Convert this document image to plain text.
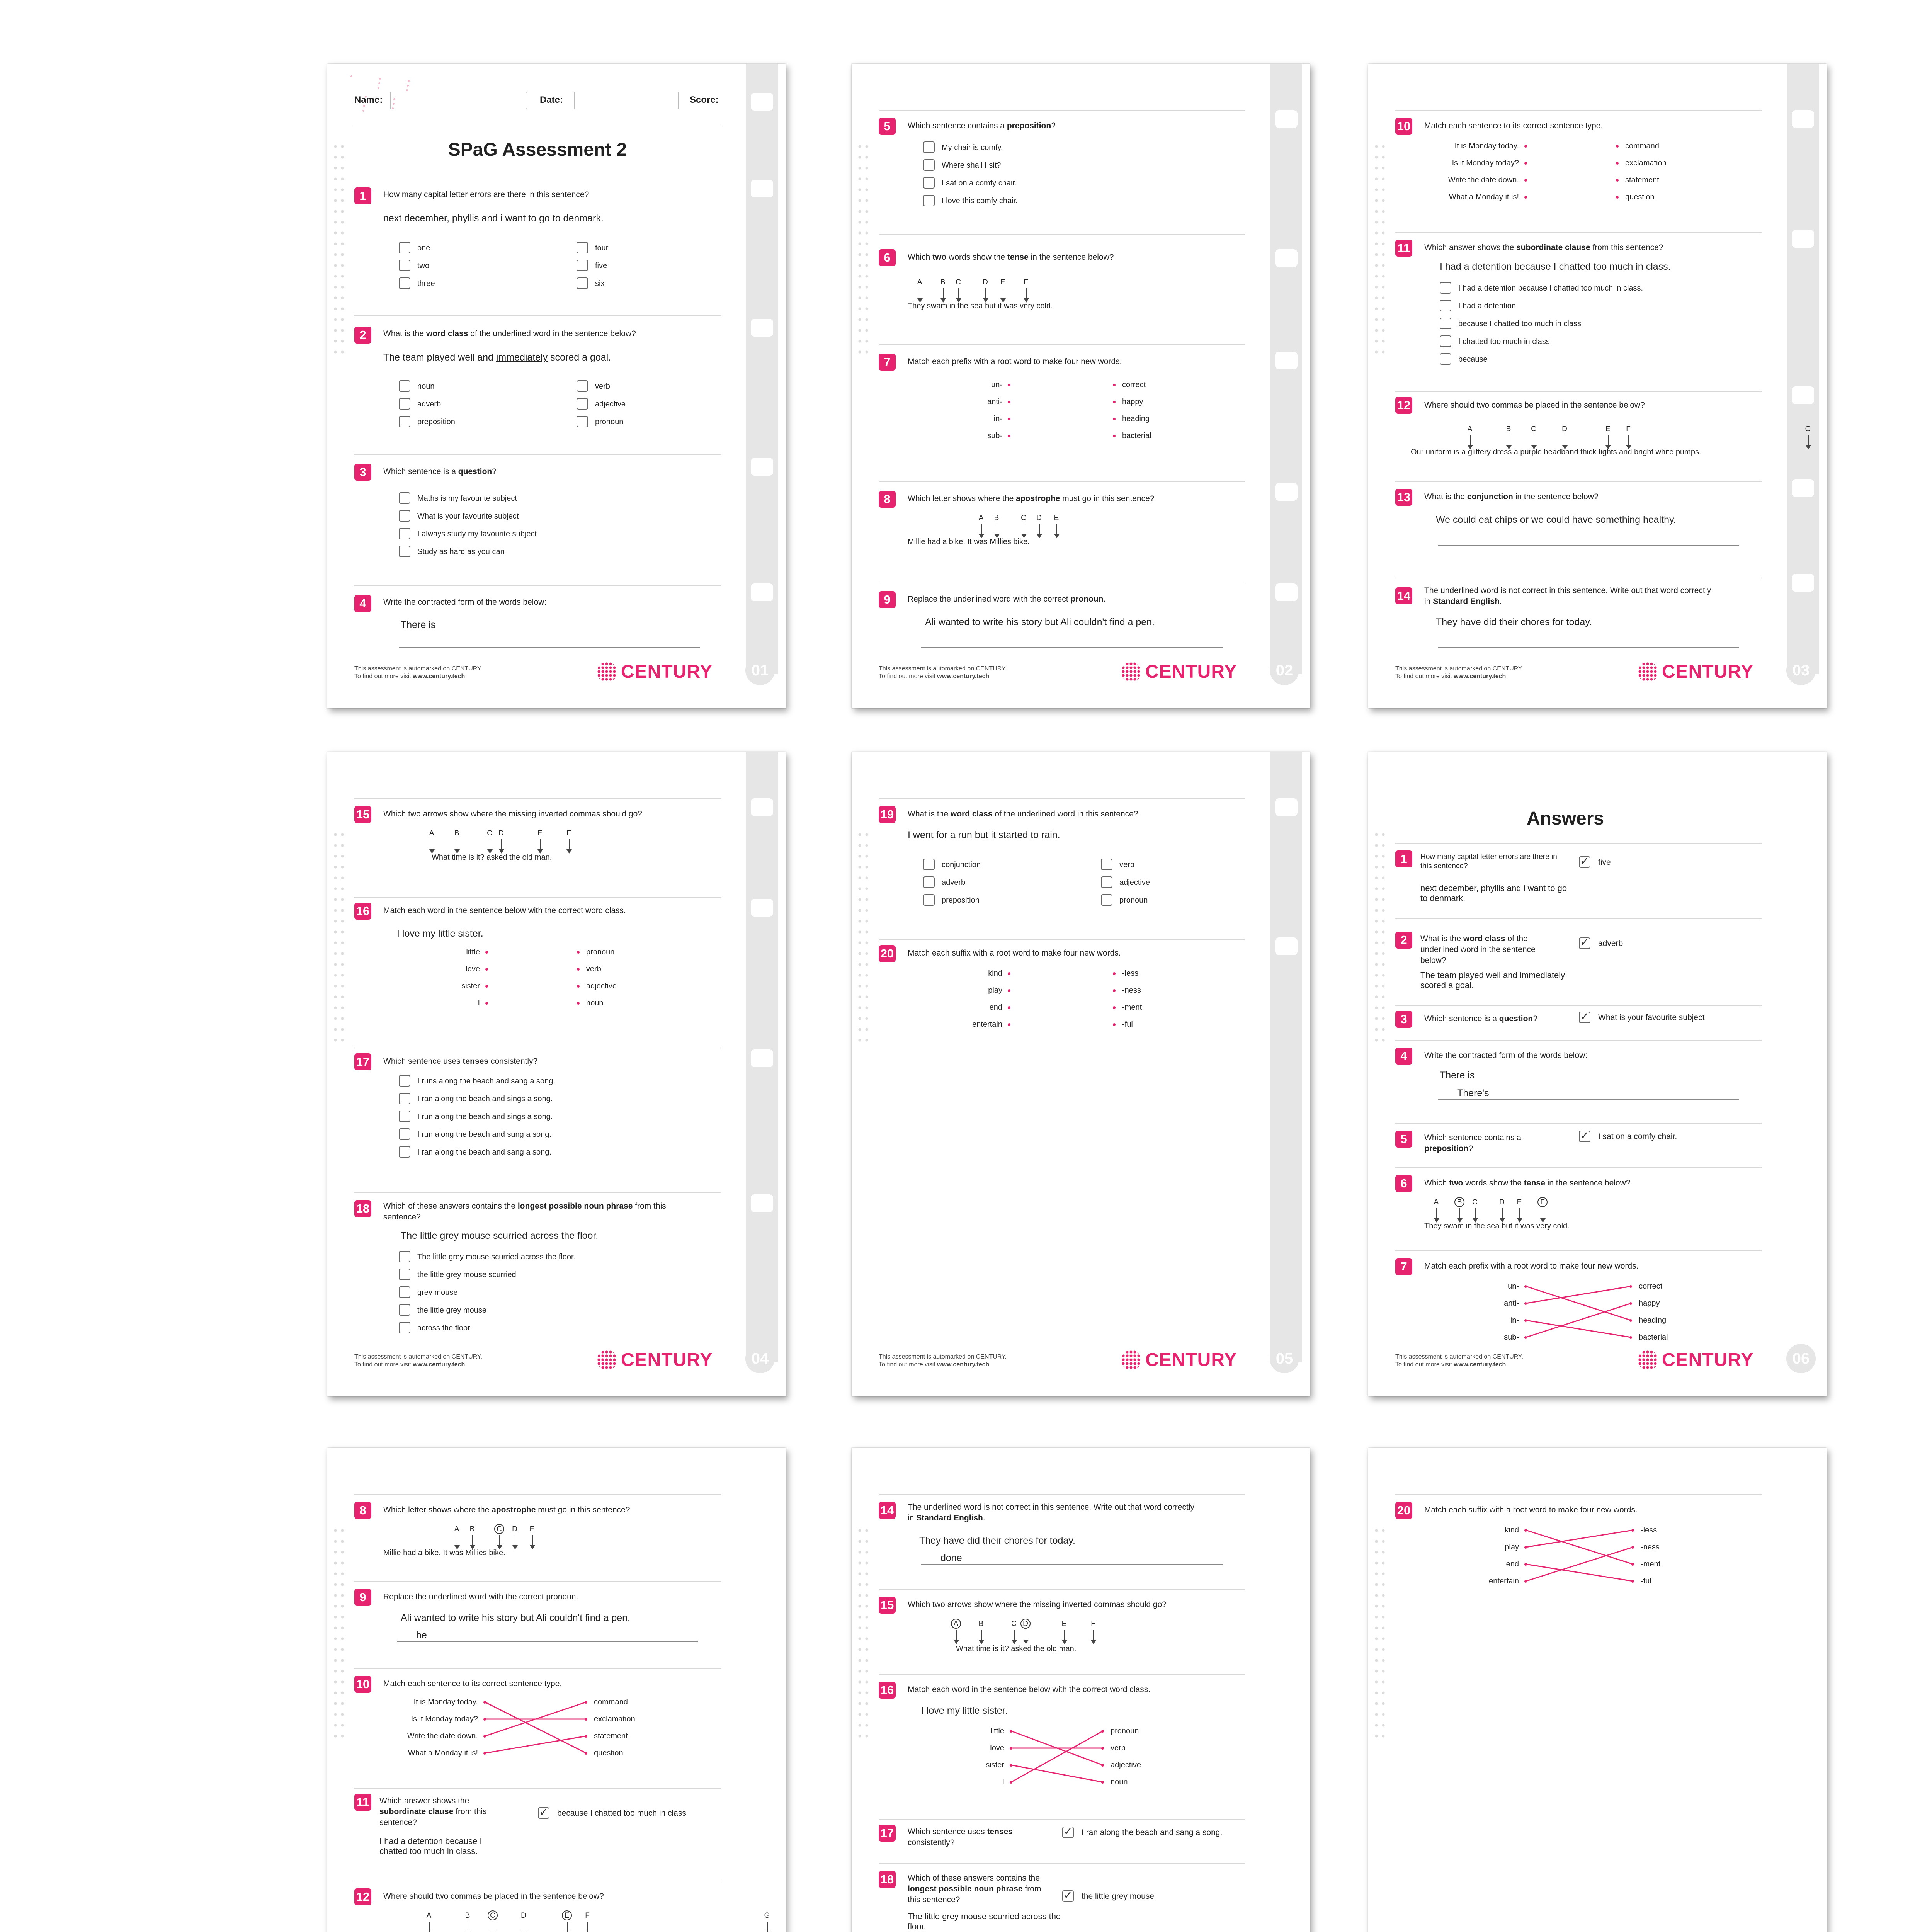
This assessment is automarked on CENTURY.
To find out more visit www.century.tech	CENTURY	01
Name:	Date:	Score:
SPaG Assessment 2
1	How many capital letter errors are there in this sentence?
next december, phyllis and i want to go to denmark.
one
two
three
four
five
six
2	What is the word class of the underlined word in the sentence below?
The team played well and immediately scored a goal.
noun
adverb
preposition
verb
adjective
pronoun
3	Which sentence is a question?
Maths is my favourite subject
What is your favourite subject
I always study my favourite subject
Study as hard as you can
4	Write the contracted form of the words below:
There is
This assessment is automarked on CENTURY.
To find out more visit www.century.tech	CENTURY	02
5	Which sentence contains a preposition?
My chair is comfy.
Where shall I sit?
I sat on a comfy chair.
I love this comfy chair.
6	Which two words show the tense in the sentence below?
A B C	D E	F
They swam in the sea but it was very cold.
7	Match each prefix with a root word to make four new words.
un-	correct
anti-	happy
in-	heading
sub-	bacterial
8	Which letter shows where the apostrophe must go in this sentence?
A B	C D E
Millie had a bike. It was Millies bike.
9	Replace the underlined word with the correct pronoun.
Ali wanted to write his story but Ali couldn't find a pen.
This assessment is automarked on CENTURY.
To find out more visit www.century.tech	CENTURY	03
10 Match each sentence to its correct sentence type.
It is Monday today.	command
Is it Monday today?	exclamation
Write the date down.	statement
What a Monday it is!	question
11 Which answer shows the subordinate clause from this sentence?
I had a detention because I chatted too much in class.
I had a detention because I chatted too much in class.
I had a detention
because I chatted too much in class
I chatted too much in class
because
12 Where should two commas be placed in the sentence below?
A	B	C	D	E	F	G
Our uniform is a glittery dress a purple headband thick tights and bright white pumps.
13 What is the conjunction in the sentence below?
We could eat chips or we could have something healthy.
14 The underlined word is not correct in this sentence. Write out that word correctly in Standard English.
They have did their chores for today.
This assessment is automarked on CENTURY.
To find out more visit www.century.tech	CENTURY	04
15 Which two arrows show where the missing inverted commas should go?
A	B	C D	E	F
What time is it? asked the old man.
16 Match each word in the sentence below with the correct word class.
I love my little sister.
little	pronoun
love	verb
sister	adjective
I	noun
17 Which sentence uses tenses consistently?
I runs along the beach and sang a song.
I ran along the beach and sings a song.
I run along the beach and sings a song.
I run along the beach and sung a song.
I ran along the beach and sang a song.
18 Which of these answers contains the longest possible noun phrase from this sentence?
The little grey mouse scurried across the floor.
The little grey mouse scurried across the floor.
the little grey mouse scurried
grey mouse
the little grey mouse
across the floor
This assessment is automarked on CENTURY.
To find out more visit www.century.tech	CENTURY	05
19 What is the word class of the underlined word in this sentence?
I went for a run but it started to rain.
conjunction
adverb
preposition
verb
adjective
pronoun
20 Match each suffix with a root word to make four new words.
kind	-less
play	-ness
end	-ment
entertain	-ful
This assessment is automarked on CENTURY.
To find out more visit www.century.tech	CENTURY	06
Answers
1	How many capital letter errors are there in this sentence?
next december, phyllis and i want to go to denmark.
✓ five
2	What is the word class of the underlined word in the sentence below?
The team played well and immediately scored a goal.
✓ adverb
3	Which sentence is a question?	✓ What is your favourite subject
4	Write the contracted form of the words below:
There is
There's
5	Which sentence contains a preposition?
✓ I sat on a comfy chair.
6	Which two words show the tense in the sentence below?
A B C	D E	F
They swam in the sea but it was very cold.
7	Match each prefix with a root word to make four new words.
un-	correct
anti-	happy
in-	heading
sub-	bacterial
8	Which letter shows where the apostrophe must go in this sentence?
A B	C D E
Millie had a bike. It was Millies bike.
9	Replace the underlined word with the correct pronoun.
Ali wanted to write his story but Ali couldn't find a pen.
he
10 Match each sentence to its correct sentence type.
It is Monday today.	command
Is it Monday today?	exclamation
Write the date down.	statement
What a Monday it is!	question
11 Which answer shows the subordinate clause from this sentence?
I had a detention because I chatted too much in class.
✓ because I chatted too much in class
12 Where should two commas be placed in the sentence below?
A	B	C	D	E	F	G
14 The underlined word is not correct in this sentence. Write out that word correctly in Standard English.
They have did their chores for today.
done
15 Which two arrows show where the missing inverted commas should go?
A	B	C D	E	F
What time is it? asked the old man.
16 Match each word in the sentence below with the correct word class.
I love my little sister.
little	pronoun
love	verb
sister	adjective
I	noun
17 Which sentence uses tenses consistently?
✓ I ran along the beach and sang a song.
18 Which of these answers contains the longest possible noun phrase from this sentence?
The little grey mouse scurried across the floor.
✓ the little grey mouse
20 Match each suffix with a root word to make four new words.
kind	-less
play	-ness
end	-ment
entertain	-ful
